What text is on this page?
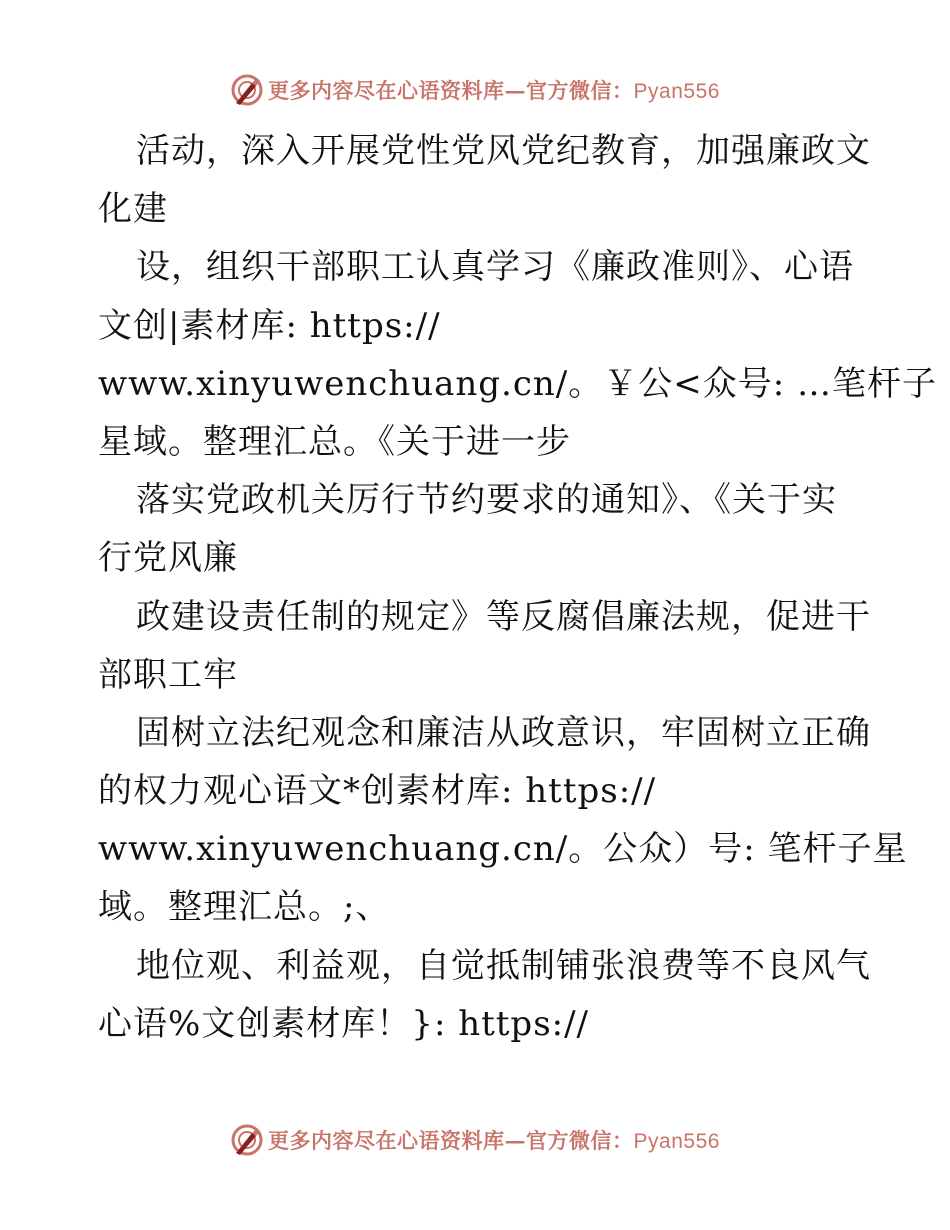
更多内容尽在心语资料库—官方微信：Pyan556
活动，深入开展党性党风党纪教育，加强廉政文
化建
设，组织干部职工认真学习《廉政准则》、心语
文创|素材库: https://
www.xinyuwenchuang.cn/。￥公<众号: …笔杆子
星域。整理汇总。《关于进一步
落实党政机关厉行节约要求的通知》、《关于实
行党风廉
政建设责任制的规定》等反腐倡廉法规，促进干
部职工牢
固树立法纪观念和廉洁从政意识，牢固树立正确
的权力观心语文*创素材库: https://
www.xinyuwenchuang.cn/。公众）号: 笔杆子星
域。整理汇总。;、
地位观、利益观，自觉抵制铺张浪费等不良风气
心语%文创素材库！}: https://
更多内容尽在心语资料库—官方微信：Pyan556
